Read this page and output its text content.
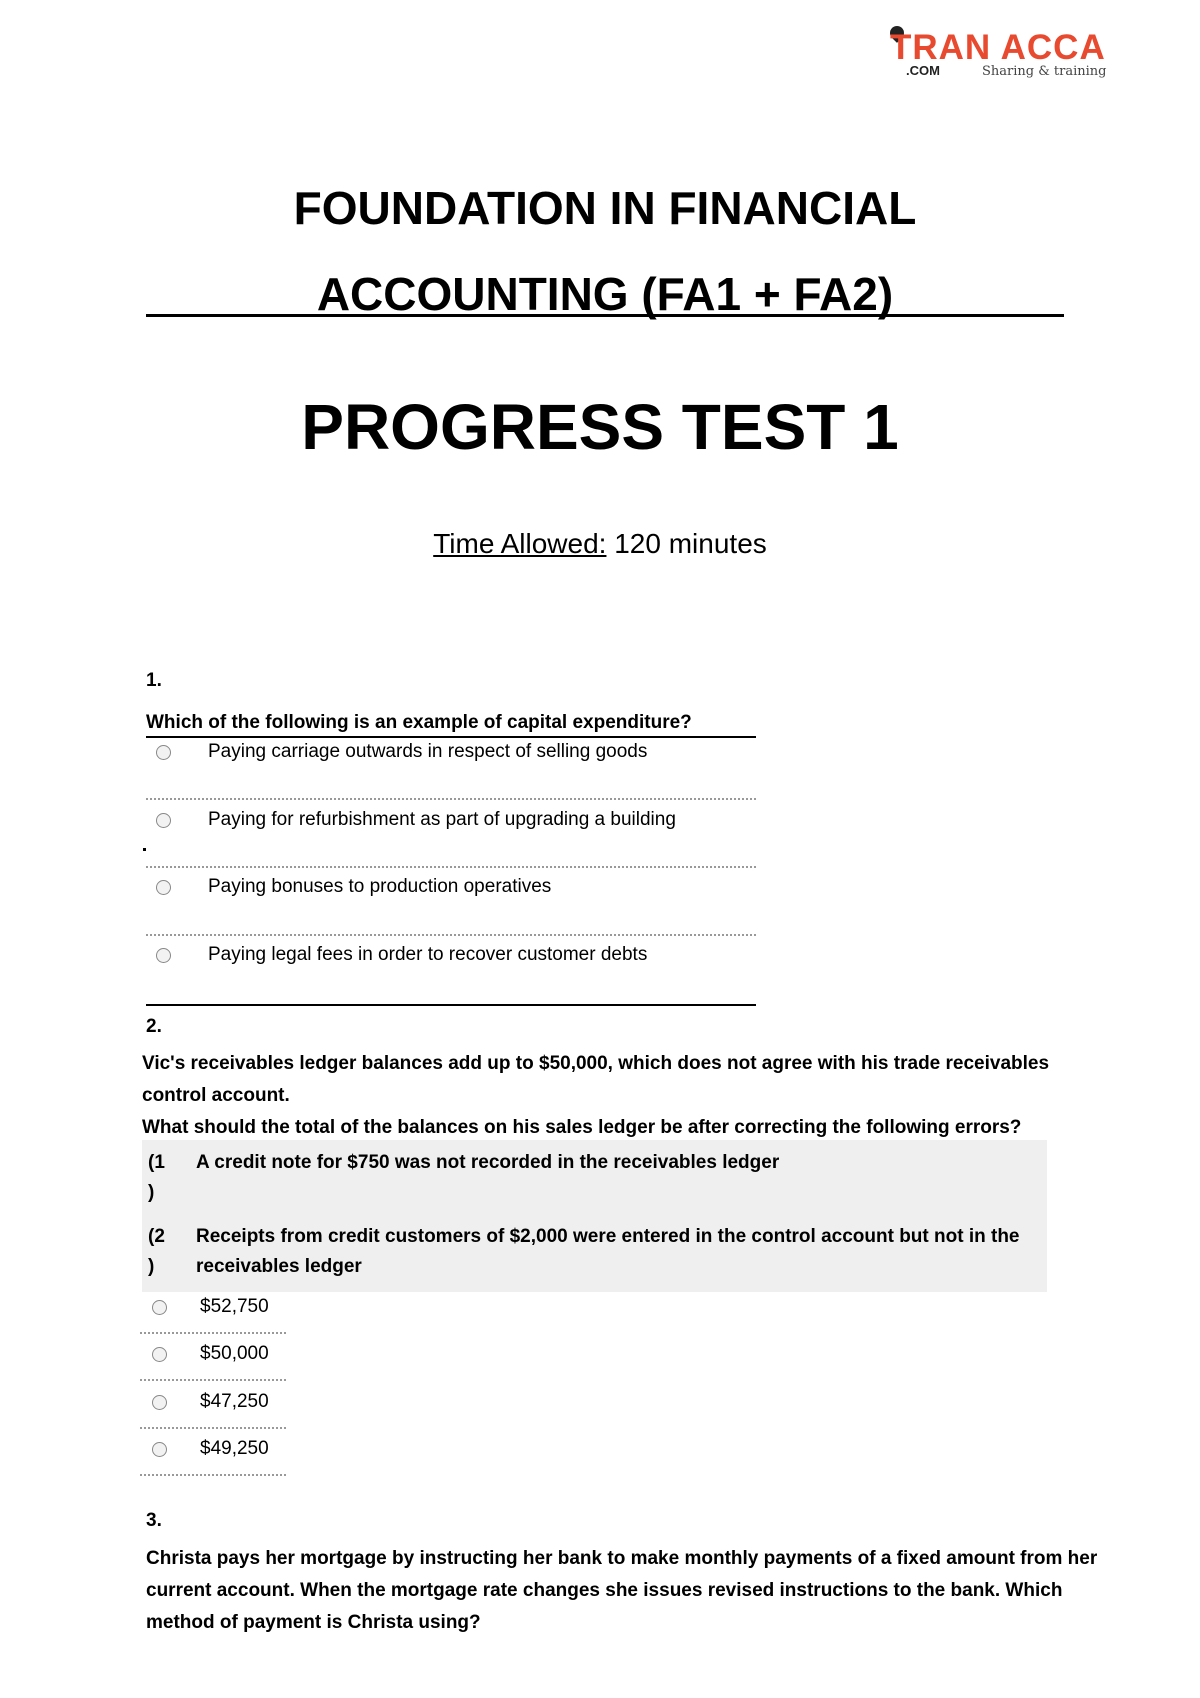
TRAN ACCA
.COM	Sharing & training
FOUNDATION IN FINANCIAL
ACCOUNTING (FA1 + FA2)
PROGRESS TEST 1
Time Allowed: 120 minutes
1.
Which of the following is an example of capital expenditure?
Paying carriage outwards in respect of selling goods
Paying for refurbishment as part of upgrading a building
Paying bonuses to production operatives
Paying legal fees in order to recover customer debts
2.
Vic's receivables ledger balances add up to $50,000, which does not agree with his trade receivables control account.
What should the total of the balances on his sales ledger be after correcting the following errors?
(1
)
A credit note for $750 was not recorded in the receivables ledger
(2
)
Receipts from credit customers of $2,000 were entered in the control account but not in the receivables ledger
$52,750
$50,000
$47,250
$49,250
3.
Christa pays her mortgage by instructing her bank to make monthly payments of a fixed amount from her current account. When the mortgage rate changes she issues revised instructions to the bank. Which method of payment is Christa using?
